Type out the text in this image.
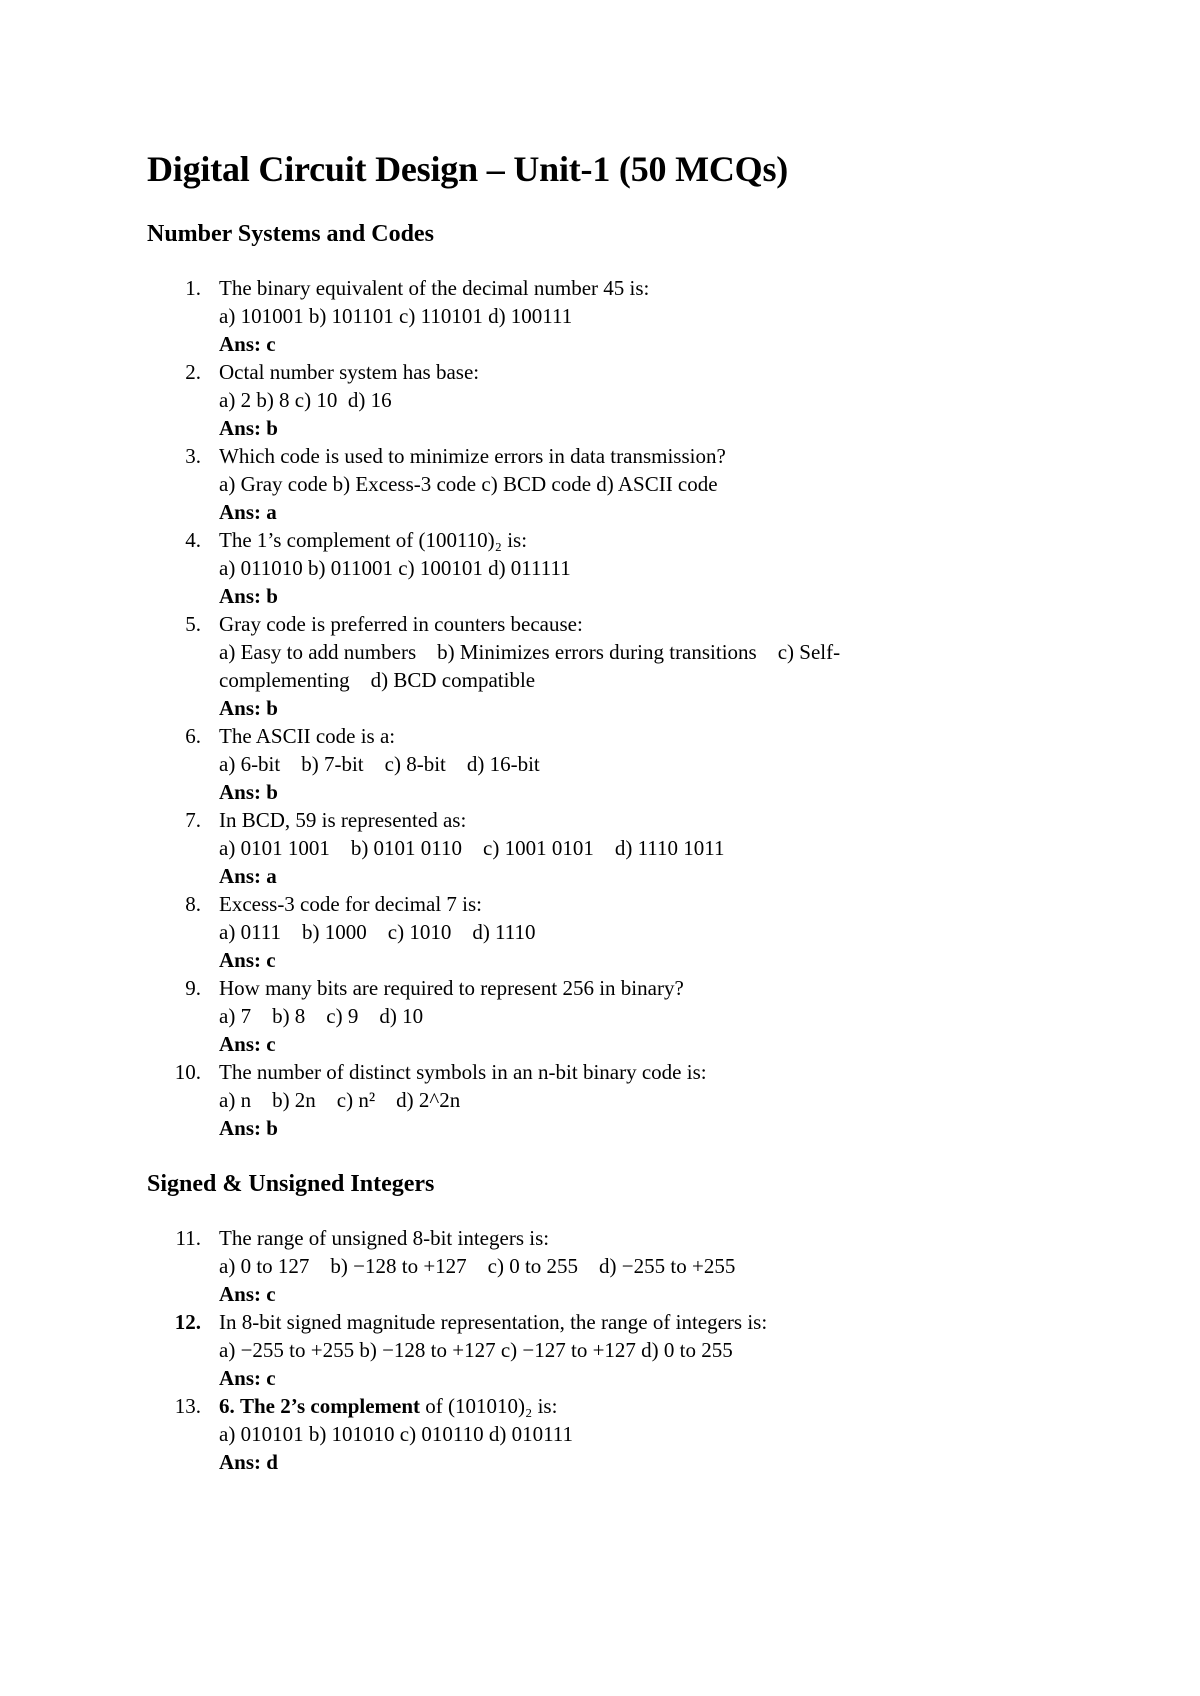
Digital Circuit Design – Unit-1 (50 MCQs)
Number Systems and Codes
1. The binary equivalent of the decimal number 45 is:
a) 101001 b) 101101 c) 110101 d) 100111
Ans: c
2. Octal number system has base:
a) 2 b) 8 c) 10  d) 16
Ans: b
3. Which code is used to minimize errors in data transmission?
a) Gray code b) Excess-3 code c) BCD code d) ASCII code
Ans: a
4. The 1’s complement of (100110)₂ is:
a) 011010 b) 011001 c) 100101 d) 011111
Ans: b
5. Gray code is preferred in counters because:
a) Easy to add numbers    b) Minimizes errors during transitions    c) Self-
complementing    d) BCD compatible
Ans: b
6. The ASCII code is a:
a) 6-bit    b) 7-bit    c) 8-bit    d) 16-bit
Ans: b
7. In BCD, 59 is represented as:
a) 0101 1001    b) 0101 0110    c) 1001 0101    d) 1110 1011
Ans: a
8. Excess-3 code for decimal 7 is:
a) 0111    b) 1000    c) 1010    d) 1110
Ans: c
9. How many bits are required to represent 256 in binary?
a) 7    b) 8    c) 9    d) 10
Ans: c
10. The number of distinct symbols in an n-bit binary code is:
a) n    b) 2n    c) n²    d) 2^2n
Ans: b
Signed & Unsigned Integers
11. The range of unsigned 8-bit integers is:
a) 0 to 127    b) −128 to +127    c) 0 to 255    d) −255 to +255
Ans: c
12. In 8-bit signed magnitude representation, the range of integers is:
a) −255 to +255 b) −128 to +127 c) −127 to +127 d) 0 to 255
Ans: c
13. 6. The 2’s complement of (101010)₂ is:
a) 010101 b) 101010 c) 010110 d) 010111
Ans: d
